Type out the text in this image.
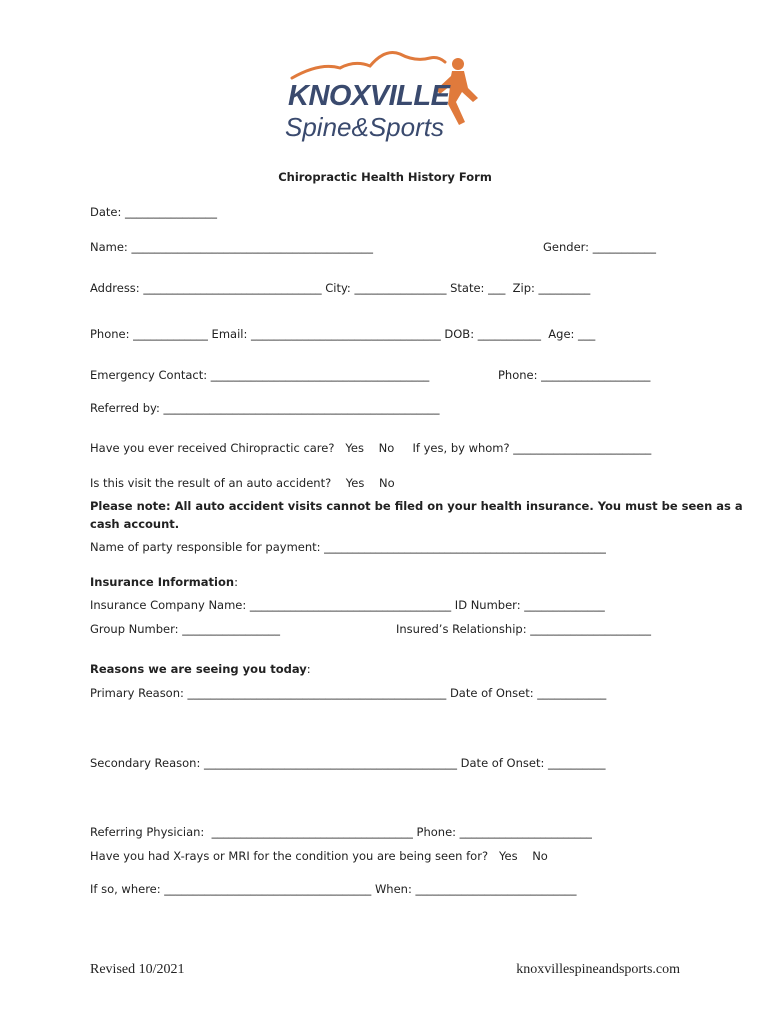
KNOXVILLE
Spine&Sports
Chiropractic Health History Form
Date: ________________
Name: __________________________________________	Gender: ___________
Address: _______________________________ City: ________________ State: ___  Zip: _________
Phone: _____________ Email: _________________________________ DOB: ___________  Age: ___
Emergency Contact: ______________________________________	Phone: ___________________
Referred by: ________________________________________________
Have you ever received Chiropractic care?   Yes    No     If yes, by whom? ________________________
Is this visit the result of an auto accident?    Yes    No
Please note: All auto accident visits cannot be filed on your health insurance. You must be seen as a
cash account.
Name of party responsible for payment: _________________________________________________
Insurance Information:
Insurance Company Name: ___________________________________ ID Number: ______________
Group Number: _________________	Insured’s Relationship: _____________________
Reasons we are seeing you today:
Primary Reason: _____________________________________________ Date of Onset: ____________
Secondary Reason: ____________________________________________ Date of Onset: __________
Referring Physician:  ___________________________________ Phone: _______________________
Have you had X-rays or MRI for the condition you are being seen for?   Yes    No
If so, where: ____________________________________ When: ____________________________
Revised 10/2021	knoxvillespineandsports.com
